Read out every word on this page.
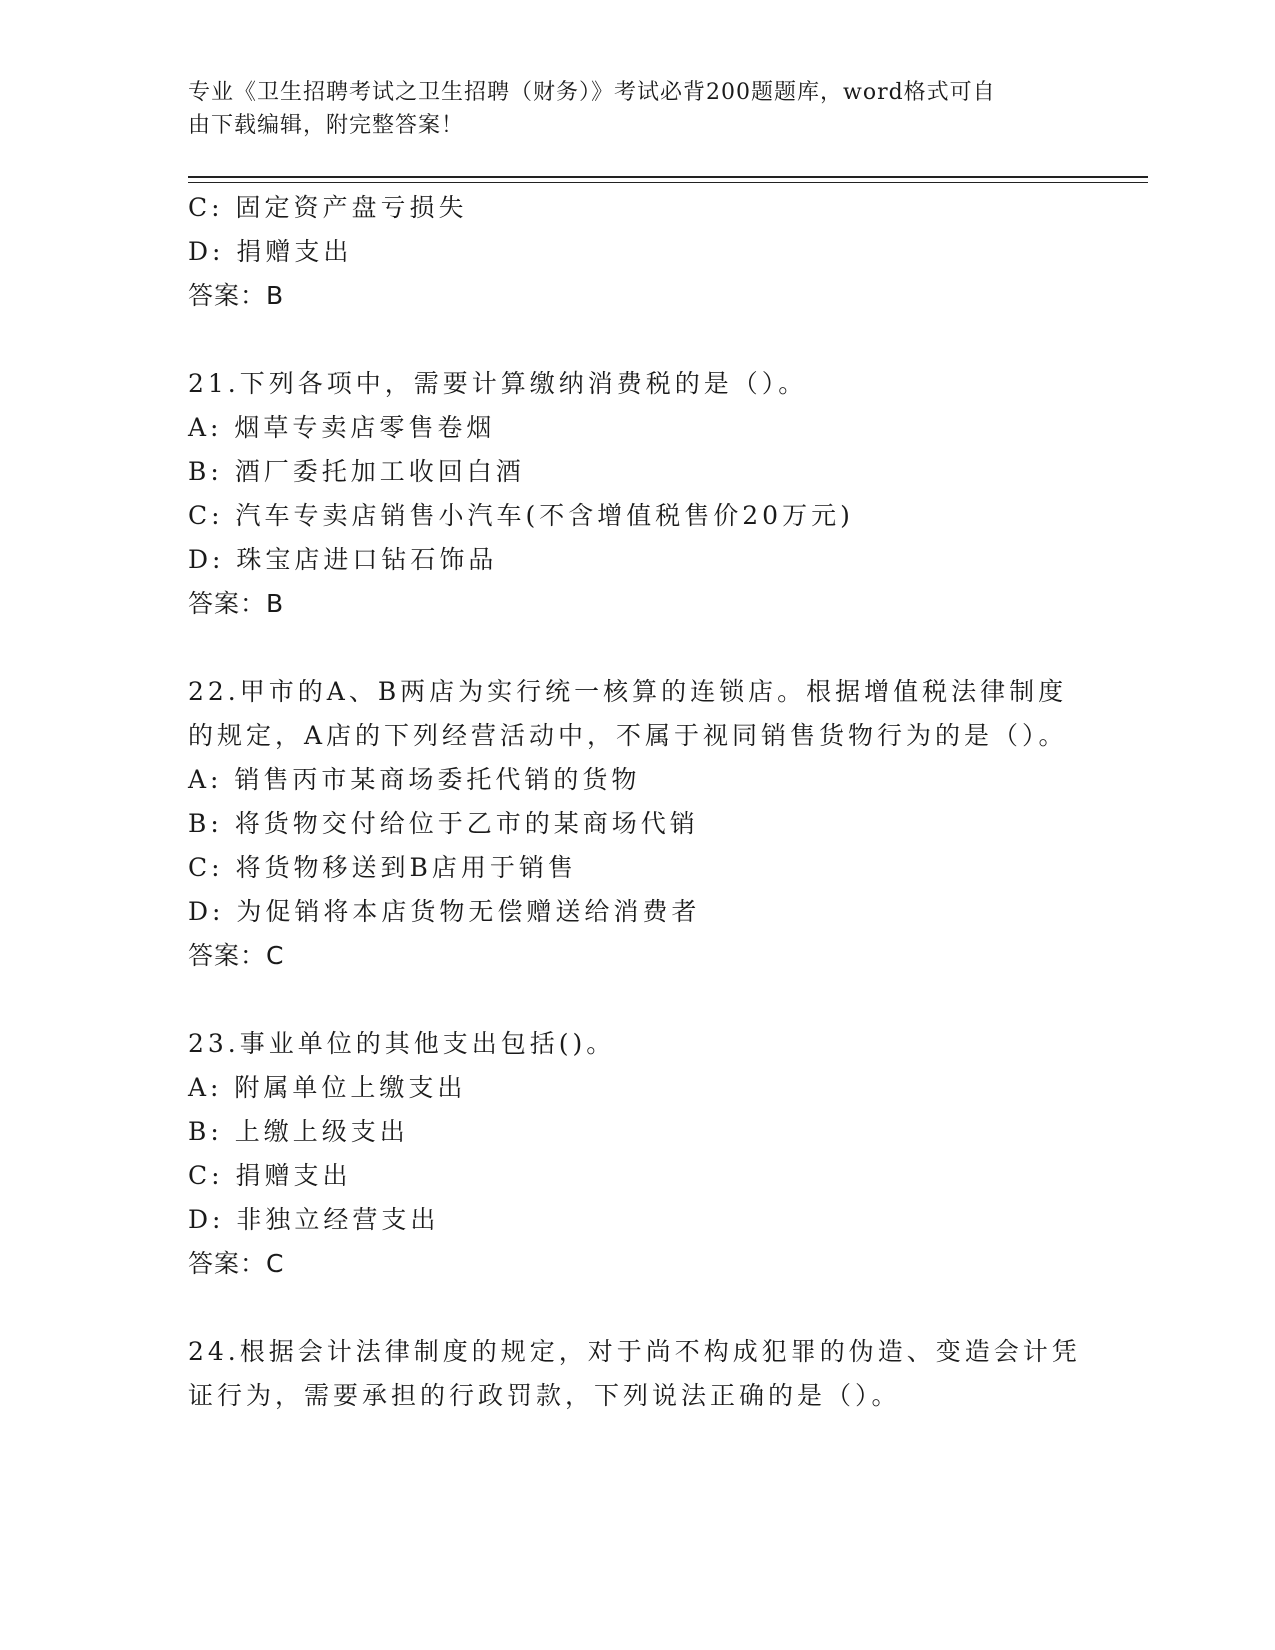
专业《卫生招聘考试之卫生招聘（财务）》考试必背200题题库，word格式可自
由下载编辑，附完整答案！
C: 固定资产盘亏损失
D: 捐赠支出
答案：B
21.下列各项中，需要计算缴纳消费税的是（）。
A: 烟草专卖店零售卷烟
B: 酒厂委托加工收回白酒
C: 汽车专卖店销售小汽车(不含增值税售价20万元)
D: 珠宝店进口钻石饰品
答案：B
22.甲市的A、B两店为实行统一核算的连锁店。根据增值税法律制度
的规定，A店的下列经营活动中，不属于视同销售货物行为的是（）。
A: 销售丙市某商场委托代销的货物
B: 将货物交付给位于乙市的某商场代销
C: 将货物移送到B店用于销售
D: 为促销将本店货物无偿赠送给消费者
答案：C
23.事业单位的其他支出包括()。
A: 附属单位上缴支出
B: 上缴上级支出
C: 捐赠支出
D: 非独立经营支出
答案：C
24.根据会计法律制度的规定，对于尚不构成犯罪的伪造、变造会计凭
证行为，需要承担的行政罚款，下列说法正确的是（）。
